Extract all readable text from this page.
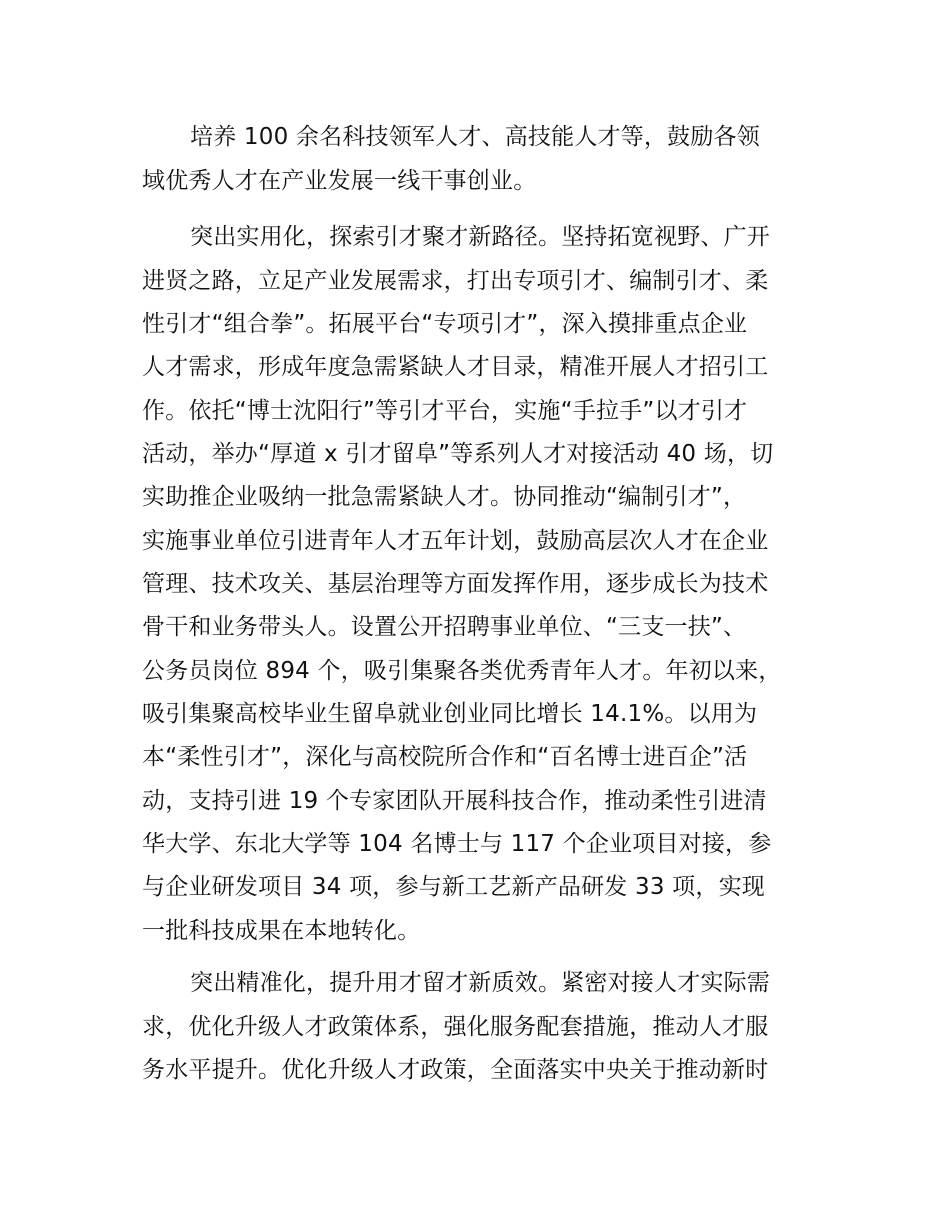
培养 100 余名科技领军人才、高技能人才等，鼓励各领
域优秀人才在产业发展一线干事创业。
突出实用化，探索引才聚才新路径。坚持拓宽视野、广开
进贤之路，立足产业发展需求，打出专项引才、编制引才、柔
性引才“组合拳”。拓展平台“专项引才”，深入摸排重点企业
人才需求，形成年度急需紧缺人才目录，精准开展人才招引工
作。依托“博士沈阳行”等引才平台，实施“手拉手”以才引才
活动，举办“厚道 x 引才留阜”等系列人才对接活动 40 场，切
实助推企业吸纳一批急需紧缺人才。协同推动“编制引才”，
实施事业单位引进青年人才五年计划，鼓励高层次人才在企业
管理、技术攻关、基层治理等方面发挥作用，逐步成长为技术
骨干和业务带头人。设置公开招聘事业单位、“三支一扶”、
公务员岗位 894 个，吸引集聚各类优秀青年人才。年初以来，
吸引集聚高校毕业生留阜就业创业同比增长 14.1%。以用为
本“柔性引才”，深化与高校院所合作和“百名博士进百企”活
动，支持引进 19 个专家团队开展科技合作，推动柔性引进清
华大学、东北大学等 104 名博士与 117 个企业项目对接，参
与企业研发项目 34 项，参与新工艺新产品研发 33 项，实现
一批科技成果在本地转化。
突出精准化，提升用才留才新质效。紧密对接人才实际需
求，优化升级人才政策体系，强化服务配套措施，推动人才服
务水平提升。优化升级人才政策，全面落实中央关于推动新时
